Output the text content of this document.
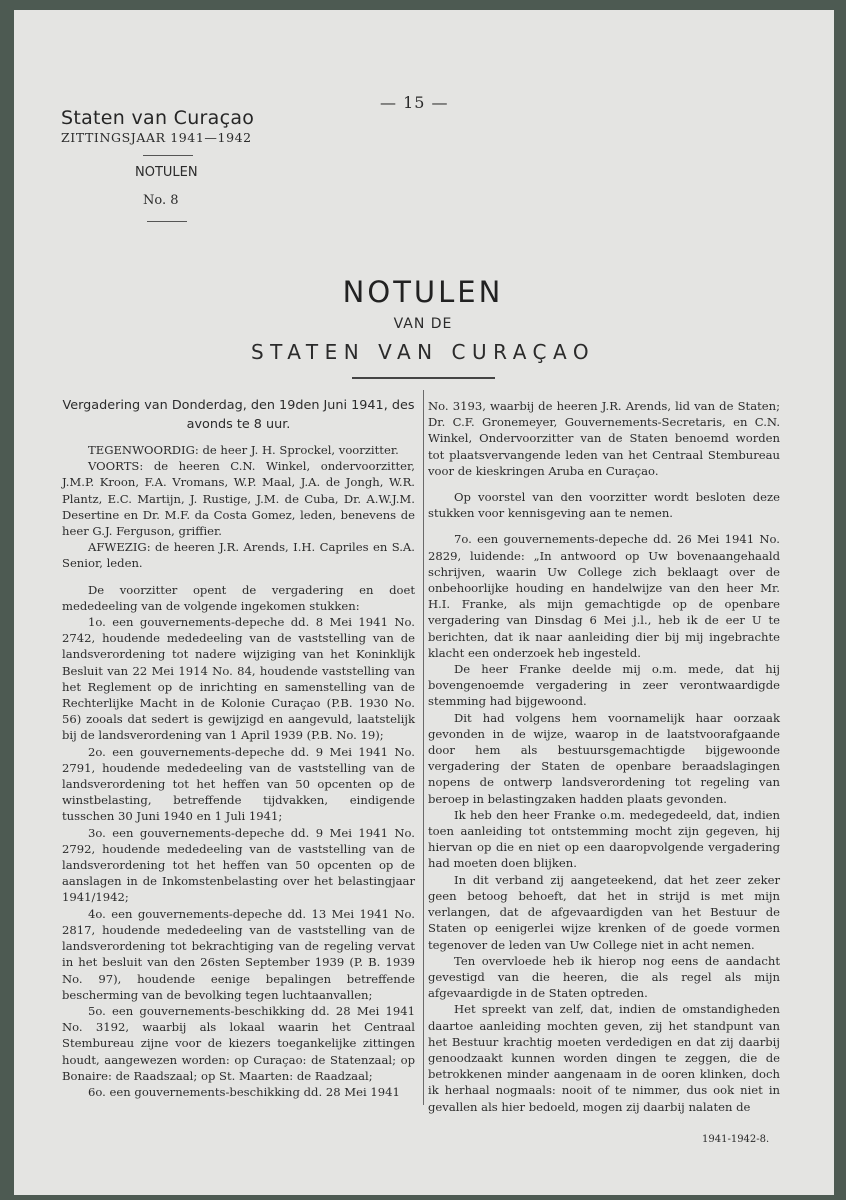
Staten van Curaçao
ZITTINGSJAAR 1941—1942
NOTULEN
No. 8
— 15 —
NOTULEN
VAN DE
STATEN VAN CURAÇAO

Vergadering van Donderdag, den 19den Juni 1941, des avonds te 8 uur.

TEGENWOORDIG: de heer J. H. Sprockel, voorzitter.

VOORTS: de heeren C.N. Winkel, ondervoorzitter, J.M.P. Kroon, F.A. Vromans, W.P. Maal, J.A. de Jongh, W.R. Plantz, E.C. Martijn, J. Rustige, J.M. de Cuba, Dr. A.W.J.M. Desertine en Dr. M.F. da Costa Gomez, leden, benevens de heer G.J. Ferguson, griffier.

AFWEZIG: de heeren J.R. Arends, I.H. Capriles en S.A. Senior, leden.

De voorzitter opent de vergadering en doet mededeeling van de volgende ingekomen stukken:

1o. een gouvernements-depeche dd. 8 Mei 1941 No. 2742, houdende mededeeling van de vaststelling van de landsverordening tot nadere wijziging van het Koninklijk Besluit van 22 Mei 1914 No. 84, houdende vaststelling van het Reglement op de inrichting en samenstelling van de Rechterlijke Macht in de Kolonie Curaçao (P.B. 1930 No. 56) zooals dat sedert is gewijzigd en aangevuld, laatstelijk bij de landsverordening van 1 April 1939 (P.B. No. 19);

2o. een gouvernements-depeche dd. 9 Mei 1941 No. 2791, houdende mededeeling van de vaststelling van de landsverordening tot het heffen van 50 opcenten op de winstbelasting, betreffende tijdvakken, eindigende tusschen 30 Juni 1940 en 1 Juli 1941;

3o. een gouvernements-depeche dd. 9 Mei 1941 No. 2792, houdende mededeeling van de vaststelling van de landsverordening tot het heffen van 50 opcenten op de aanslagen in de Inkomstenbelasting over het belastingjaar 1941/1942;

4o. een gouvernements-depeche dd. 13 Mei 1941 No. 2817, houdende mededeeling van de vaststelling van de landsverordening tot bekrachtiging van de regeling vervat in het besluit van den 26sten September 1939 (P. B. 1939 No. 97), houdende eenige bepalingen betreffende bescherming van de bevolking tegen luchtaanvallen;

5o. een gouvernements-beschikking dd. 28 Mei 1941 No. 3192, waarbij als lokaal waarin het Centraal Stembureau zijne voor de kiezers toegankelijke zittingen houdt, aangewezen worden: op Curaçao: de Statenzaal; op Bonaire: de Raadszaal; op St. Maarten: de Raadzaal;

6o. een gouvernements-beschikking dd. 28 Mei 1941

No. 3193, waarbij de heeren J.R. Arends, lid van de Staten; Dr. C.F. Gronemeyer, Gouvernements-Secretaris, en C.N. Winkel, Ondervoorzitter van de Staten benoemd worden tot plaatsvervangende leden van het Centraal Stembureau voor de kieskringen Aruba en Curaçao.

Op voorstel van den voorzitter wordt besloten deze stukken voor kennisgeving aan te nemen.

7o. een gouvernements-depeche dd. 26 Mei 1941 No. 2829, luidende: „In antwoord op Uw bovenaangehaald schrijven, waarin Uw College zich beklaagt over de onbehoorlijke houding en handelwijze van den heer Mr. H.I. Franke, als mijn gemachtigde op de openbare vergadering van Dinsdag 6 Mei j.l., heb ik de eer U te berichten, dat ik naar aanleiding dier bij mij ingebrachte klacht een onderzoek heb ingesteld.

De heer Franke deelde mij o.m. mede, dat hij bovengenoemde vergadering in zeer verontwaardigde stemming had bijgewoond.

Dit had volgens hem voornamelijk haar oorzaak gevonden in de wijze, waarop in de laatstvoorafgaande door hem als bestuursgemachtigde bijgewoonde vergadering der Staten de openbare beraadslagingen nopens de ontwerp landsverordening tot regeling van beroep in belastingzaken hadden plaats gevonden.

Ik heb den heer Franke o.m. medegedeeld, dat, indien toen aanleiding tot ontstemming mocht zijn gegeven, hij hiervan op die en niet op een daaropvolgende vergadering had moeten doen blijken.

In dit verband zij aangeteekend, dat het zeer zeker geen betoog behoeft, dat het in strijd is met mijn verlangen, dat de afgevaardigden van het Bestuur de Staten op eenigerlei wijze krenken of de goede vormen tegenover de leden van Uw College niet in acht nemen.

Ten overvloede heb ik hierop nog eens de aandacht gevestigd van die heeren, die als regel als mijn afgevaardigde in de Staten optreden.

Het spreekt van zelf, dat, indien de omstandigheden daartoe aanleiding mochten geven, zij het standpunt van het Bestuur krachtig moeten verdedigen en dat zij daarbij genoodzaakt kunnen worden dingen te zeggen, die de betrokkenen minder aangenaam in de ooren klinken, doch ik herhaal nogmaals: nooit of te nimmer, dus ook niet in gevallen als hier bedoeld, mogen zij daarbij nalaten de

1941-1942-8.
